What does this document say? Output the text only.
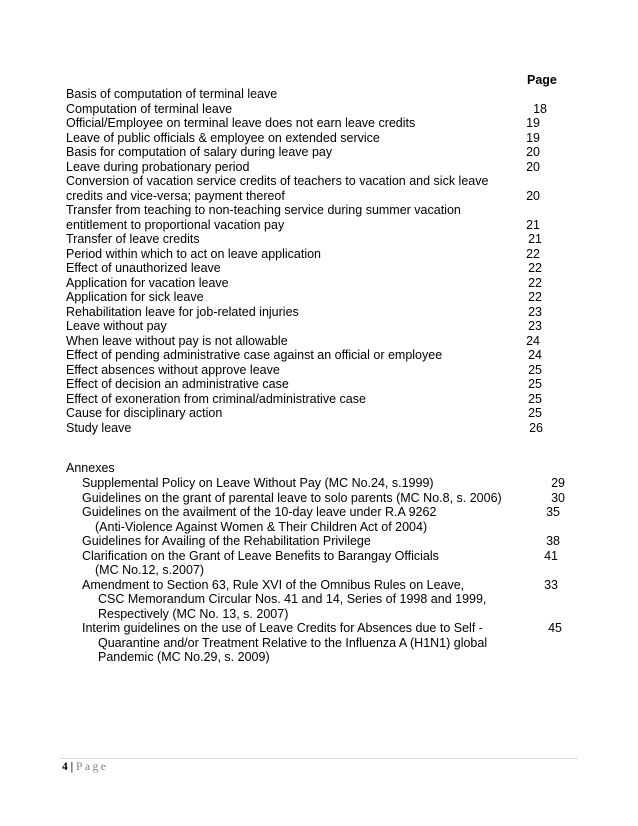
Page
Basis of computation of terminal leave
Computation of terminal leave	18
Official/Employee on terminal leave does not earn leave credits	19
Leave of public officials & employee on extended service	19
Basis for computation of salary during leave pay	20
Leave during probationary period	20
Conversion of vacation service credits of teachers to vacation and sick leave
credits and vice-versa; payment thereof	20
Transfer from teaching to non-teaching service during summer vacation
entitlement to proportional vacation pay	21
Transfer of leave credits	21
Period within which to act on leave application	22
Effect of unauthorized leave	22
Application for vacation leave	22
Application for sick leave	22
Rehabilitation leave for job-related injuries	23
Leave without pay	23
When leave without pay is not allowable	24
Effect of pending administrative case against an official or employee	24
Effect absences without approve leave	25
Effect of decision an administrative case	25
Effect of exoneration from criminal/administrative case	25
Cause for disciplinary action	25
Study leave	26
Annexes
Supplemental Policy on Leave Without Pay (MC No.24, s.1999)	29
Guidelines on the grant of parental leave to solo parents (MC No.8, s. 2006)	30
Guidelines on the availment of the 10-day leave under R.A 9262	35
(Anti-Violence Against Women & Their Children Act of 2004)
Guidelines for Availing of the Rehabilitation Privilege	38
Clarification on the Grant of Leave Benefits to Barangay Officials	41
(MC No.12, s.2007)
Amendment to Section 63, Rule XVI of the Omnibus Rules on Leave,	33
CSC Memorandum Circular Nos. 41 and 14, Series of 1998 and 1999,
Respectively (MC No. 13, s. 2007)
Interim guidelines on the use of Leave Credits for Absences due to Self -	45
Quarantine and/or Treatment Relative to the Influenza A (H1N1) global
Pandemic (MC No.29, s. 2009)
4 | Page
